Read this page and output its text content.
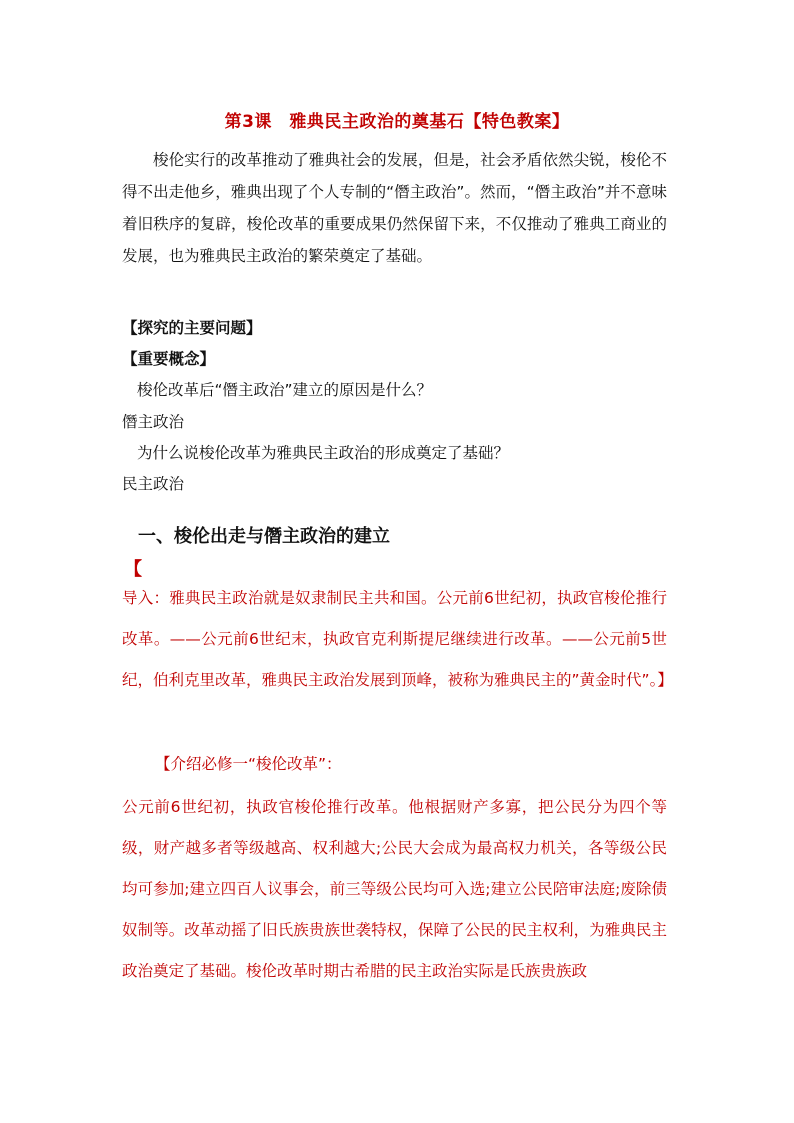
第3课　雅典民主政治的奠基石【特色教案】
梭伦实行的改革推动了雅典社会的发展，但是，社会矛盾依然尖锐，梭伦不得不出走他乡，雅典出现了个人专制的“僭主政治”。然而，“僭主政治”并不意味着旧秩序的复辟，梭伦改革的重要成果仍然保留下来，不仅推动了雅典工商业的发展，也为雅典民主政治的繁荣奠定了基础。
【探究的主要问题】
【重要概念】
梭伦改革后“僭主政治”建立的原因是什么？
僭主政治
为什么说梭伦改革为雅典民主政治的形成奠定了基础？
民主政治
一、梭伦出走与僭主政治的建立
【
导入：雅典民主政治就是奴隶制民主共和国。公元前6世纪初，执政官梭伦推行改革。——公元前6世纪末，执政官克利斯提尼继续进行改革。——公元前5世纪，伯利克里改革，雅典民主政治发展到顶峰，被称为雅典民主的”黄金时代”。】
【介绍必修一“梭伦改革”：
公元前6世纪初，执政官梭伦推行改革。他根据财产多寡，把公民分为四个等级，财产越多者等级越高、权利越大;公民大会成为最高权力机关，各等级公民均可参加;建立四百人议事会，前三等级公民均可入选;建立公民陪审法庭;废除债奴制等。改革动摇了旧氏族贵族世袭特权，保障了公民的民主权利，为雅典民主政治奠定了基础。梭伦改革时期古希腊的民主政治实际是氏族贵族政
